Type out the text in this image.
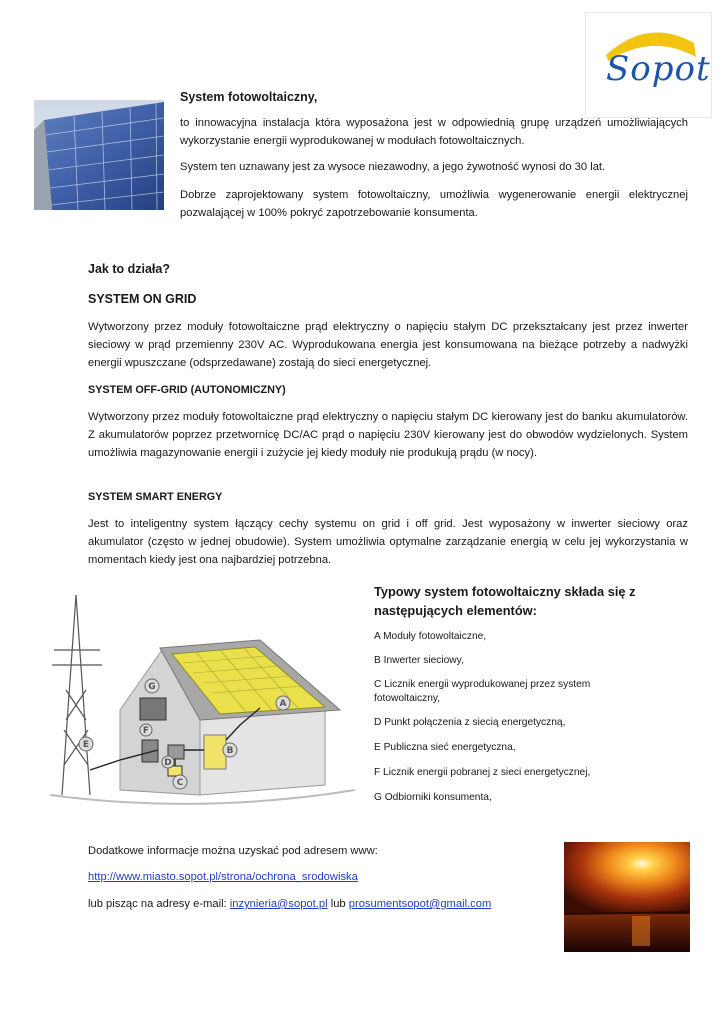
Sopot
System fotowoltaiczny,

to innowacyjna instalacja która wyposażona jest w odpowiednią grupę urządzeń umożliwiających wykorzystanie energii wyprodukowanej w modułach fotowoltaicznych.

System ten uznawany jest za wysoce niezawodny, a jego żywotność wynosi do 30 lat.

Dobrze zaprojektowany system fotowoltaiczny, umożliwia wygenerowanie energii elektrycznej pozwalającej w 100% pokryć zapotrzebowanie konsumenta.

Jak to działa?
SYSTEM ON GRID

Wytworzony przez moduły fotowoltaiczne prąd elektryczny o napięciu stałym DC przekształcany jest przez inwerter sieciowy w prąd przemienny 230V AC. Wyprodukowana energia jest konsumowana na bieżące potrzeby a nadwyżki energii wpuszczane (odsprzedawane) zostają do sieci energetycznej.

SYSTEM OFF-GRID (AUTONOMICZNY)

Wytworzony przez moduły fotowoltaiczne prąd elektryczny o napięciu stałym DC kierowany jest do banku akumulatorów. Z akumulatorów poprzez przetwornicę DC/AC prąd o napięciu 230V kierowany jest do obwodów wydzielonych. System umożliwia magazynowanie energii i zużycie jej kiedy moduły nie produkują prądu (w nocy).

SYSTEM SMART ENERGY

Jest to inteligentny system łączący cechy systemu on grid i off grid. Jest wyposażony w inwerter sieciowy oraz akumulator (często w jednej obudowie). System umożliwia optymalne zarządzanie energią w celu jej wykorzystania w momentach kiedy jest ona najbardziej potrzebna.

Typowy system fotowoltaiczny składa się z następujących elementów:
A Moduły fotowoltaiczne,
B Inwerter sieciowy,
C Licznik energii wyprodukowanej przez system fotowoltaiczny,
D Punkt połączenia z siecią energetyczną,
E Publiczna sieć energetyczna,
F Licznik energii pobranej z sieci energetycznej,
G Odbiorniki konsumenta,
A
B
C
D
E
F
G

Dodatkowe informacje można uzyskać pod adresem www:

http://www.miasto.sopot.pl/strona/ochrona_srodowiska
lub pisząc na adresy e-mail: inzynieria@sopot.pl lub prosumentsopot@gmail.com
